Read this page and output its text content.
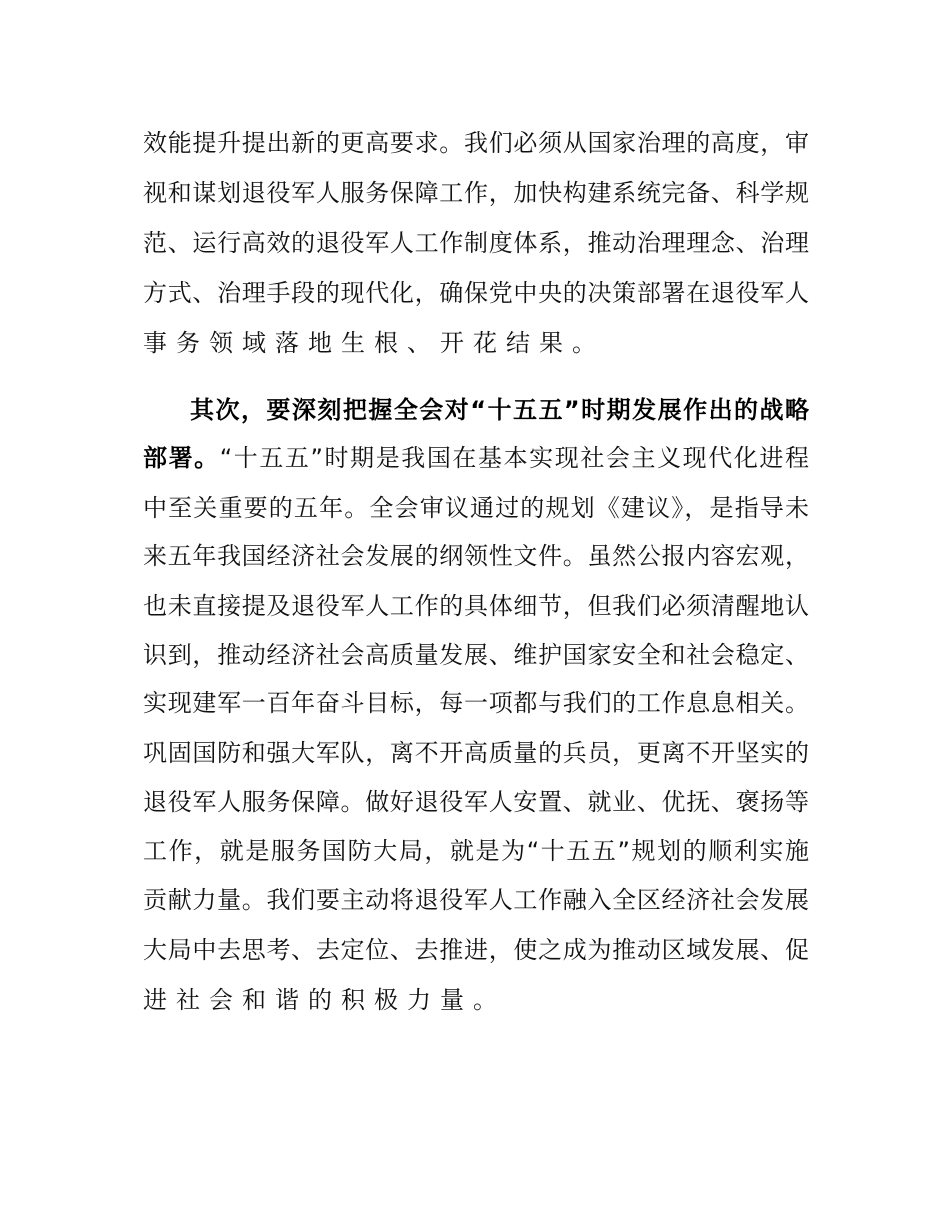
效能提升提出新的更高要求。我们必须从国家治理的高度，审
视和谋划退役军人服务保障工作，加快构建系统完备、科学规
范、运行高效的退役军人工作制度体系，推动治理理念、治理
方式、治理手段的现代化，确保党中央的决策部署在退役军人
事务领域落地生根、开花结果。
其次，要深刻把握全会对“十五五”时期发展作出的战略
部署。“十五五”时期是我国在基本实现社会主义现代化进程
中至关重要的五年。全会审议通过的规划《建议》，是指导未
来五年我国经济社会发展的纲领性文件。虽然公报内容宏观，
也未直接提及退役军人工作的具体细节，但我们必须清醒地认
识到，推动经济社会高质量发展、维护国家安全和社会稳定、
实现建军一百年奋斗目标，每一项都与我们的工作息息相关。
巩固国防和强大军队，离不开高质量的兵员，更离不开坚实的
退役军人服务保障。做好退役军人安置、就业、优抚、褒扬等
工作，就是服务国防大局，就是为“十五五”规划的顺利实施
贡献力量。我们要主动将退役军人工作融入全区经济社会发展
大局中去思考、去定位、去推进，使之成为推动区域发展、促
进社会和谐的积极力量。
